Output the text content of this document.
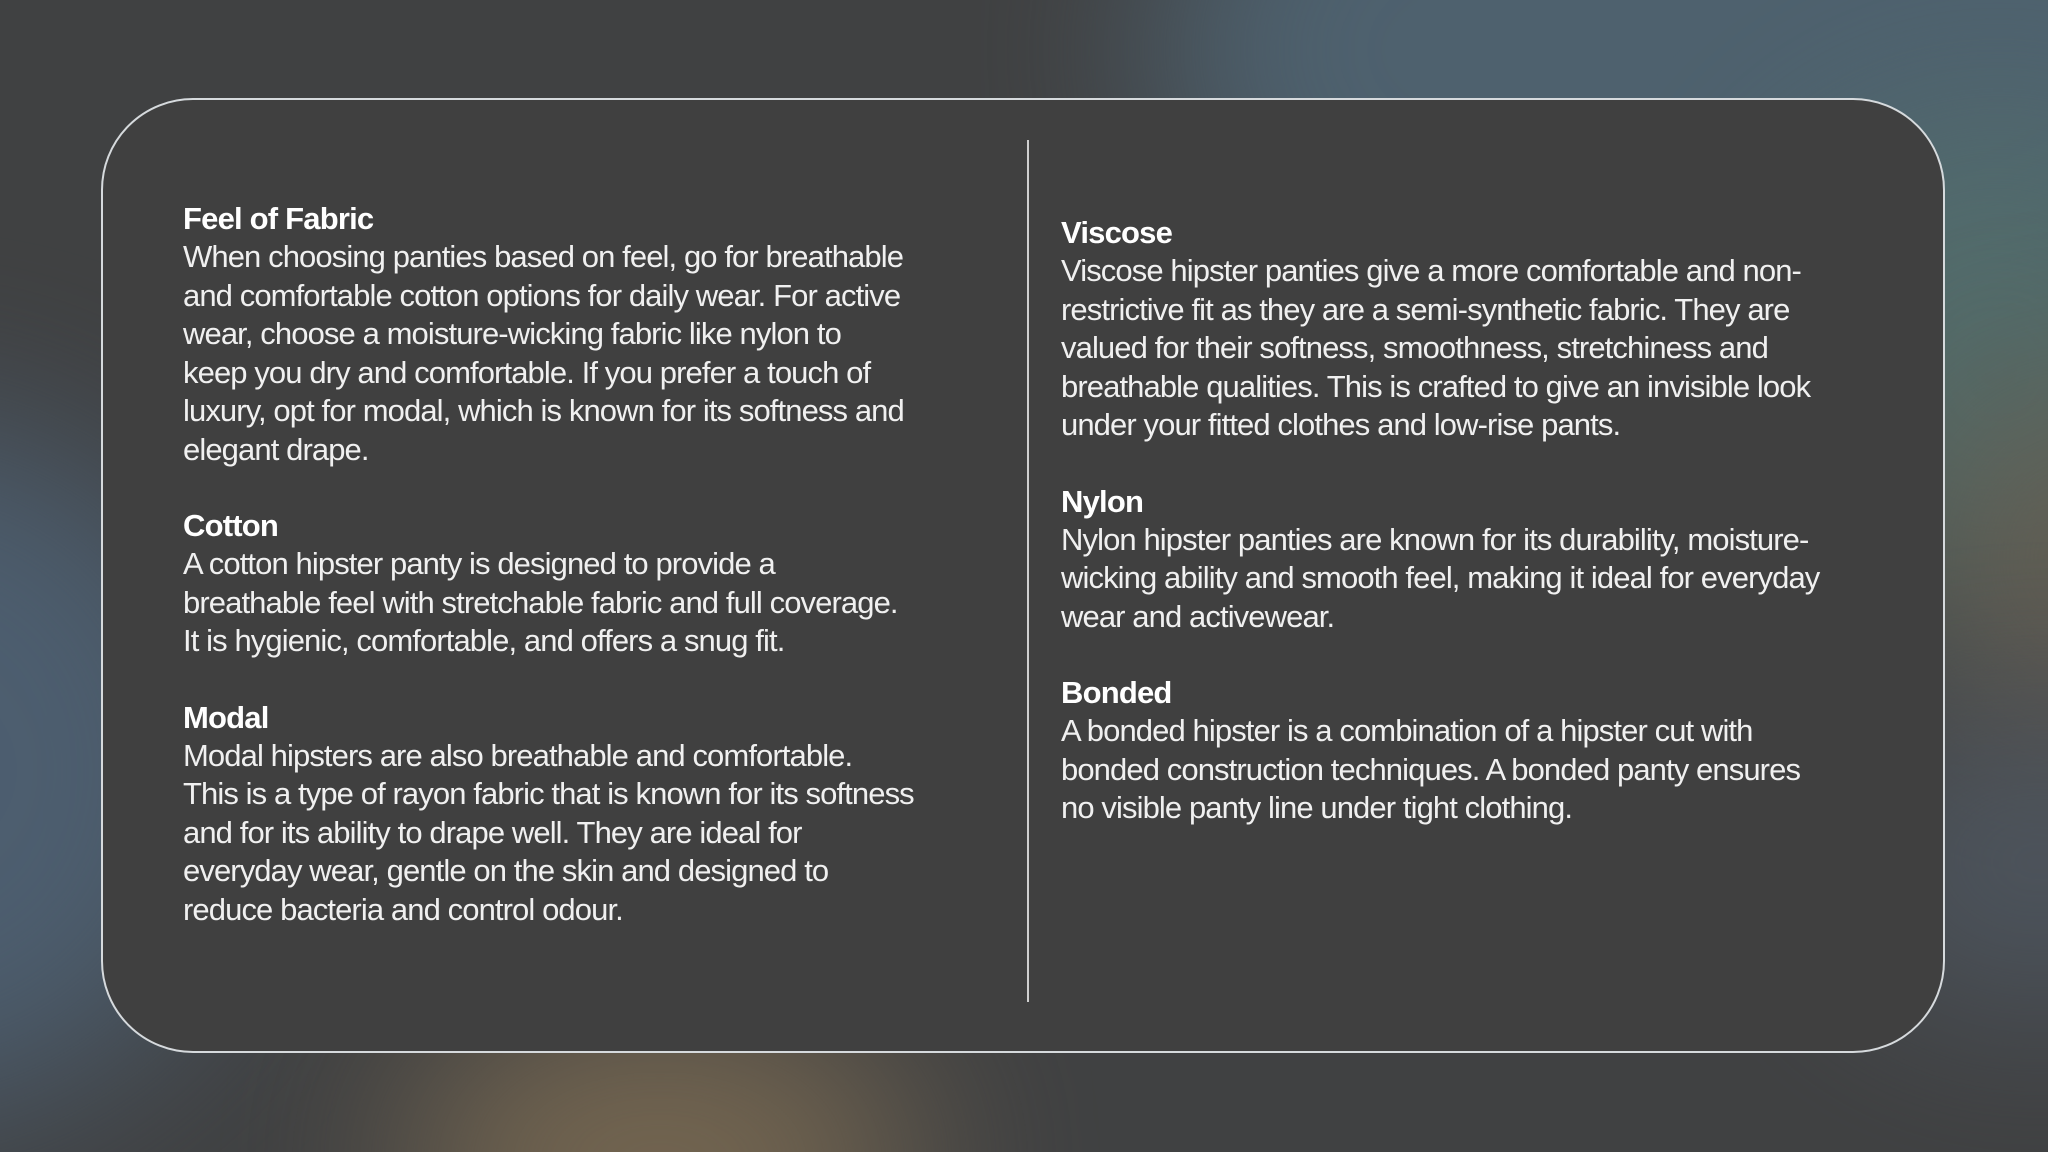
Feel of Fabric

When choosing panties based on feel, go for breathable
and comfortable cotton options for daily wear. For active
wear, choose a moisture-wicking fabric like nylon to
keep you dry and comfortable. If you prefer a touch of
luxury, opt for modal, which is known for its softness and
elegant drape.

Cotton

A cotton hipster panty is designed to provide a
breathable feel with stretchable fabric and full coverage.
It is hygienic, comfortable, and offers a snug fit.

Modal

Modal hipsters are also breathable and comfortable.
This is a type of rayon fabric that is known for its softness
and for its ability to drape well. They are ideal for
everyday wear, gentle on the skin and designed to
reduce bacteria and control odour.

Viscose

Viscose hipster panties give a more comfortable and non-
restrictive fit as they are a semi-synthetic fabric. They are
valued for their softness, smoothness, stretchiness and
breathable qualities. This is crafted to give an invisible look
under your fitted clothes and low-rise pants.

Nylon

Nylon hipster panties are known for its durability, moisture-
wicking ability and smooth feel, making it ideal for everyday
wear and activewear.

Bonded

A bonded hipster is a combination of a hipster cut with
bonded construction techniques. A bonded panty ensures
no visible panty line under tight clothing.
